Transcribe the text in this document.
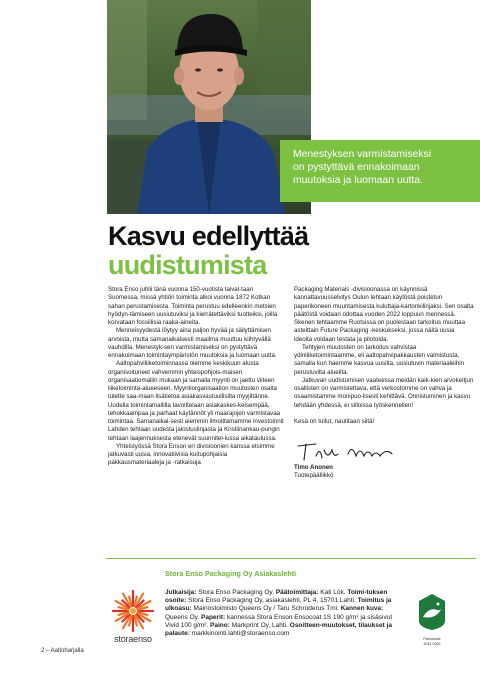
Menestyksen varmistamiseksi

on pystyttävä ennakoimaan

muutoksia ja luomaan uutta.

Kasvu edellyttää
uudistumista

Stora Enso juhlii tänä vuonna 150-vuotista taival-taan Suomessa, missä yhtiön toiminta alkoi vuonna 1872 Kotkan sahan perustamisesta. Toiminta perustuu edelleenkin metsien hyödyn-tämiseen uusiutuviksi ja kierrätettäviksi tuotteiksi, joilla korvataan fossiilisia raaka-aineita.

Menneisyydestä löytyy aina paljon hyvää ja säilyttämisen arvoista, mutta samanaikaisesti maailma muuttuu kiihtyvällä vauhdilla. Menestyk-sen varmistamiseksi on pystyttävä ennakoimaan toimintaympäristön muutoksia ja luomaan uutta.

Aaltopahviliiketoiminnassa olemme keskikuun alusta organisoituneet vahvemmin yhteispohjois-maisen organisaatiomallin mukaan ja samalla myynti on jaettu viiteen liiketoiminta-alueeseen. Myyntiorganisaation muutosten osalta tulette saa-maan lisätietoa asiakasvastuullisilta myyjiltänne. Uudella toimintamallilla tavoittelaan asiakaskes-keisempää, tehokkaampaa ja parhaat käytännöt yli maarajojen varmistavaa toimintaa. Samanaikai-sesti aiemmin ilmoittamamme investoinnit Lahden tehtaan uudesta jalostuslinjasta ja Kristiinankau-pungin tehtaan laajennuksesta etenevät suunnitel-lussa aikataulussa.

Yhteistyössä Stora Enson eri divisioonien kanssa etsimme jatkuvasti uusia, innovatiivisia kuitupohjaisia pakkausmateriaaleja ja -ratkaisuja.

Packaging Materials -divisioonassa on käynnissä kannattavuusselvitys Oulun tehtaan käytöstä poistetun paperikoneen muuntamisesta kuluttaja-kartonkilinjaksi. Sen osalta päätöstä voidaan odottaa vuoden 2022 loppuun mennessä. Skenen tehtaamme Ruotsissa on puolestaan tarkoitus muuttaa asteittain Future Packaging -keskukseksi, jossa näitä uusia ideoita voidaan testata ja pilotoida.

Tehtyjen muutosten on tarkoitus vahvistaa ydinliiketoimintaamme, eli aaltopahvipakkausten valmistusta, samalla kun haemme kasvua uusilta, uusiutuvin materiaaleihin perustuvilta alueilta.

Jatkuvan uudistumisen vaateessa meidän kaik-kien arvokeitjun osallisten on varmistettava, että verkostomme on vahva ja osaamistamme monipuo-lisesti kehittävä. Onnistuminen ja kasvu tehdään yhdessä, ei silloissa työskennellen!

Kesä on tullut, nautitaan siitä!

Timo Anonen

Tuotepäällikkö

Stora Enso Packaging Oy Asiakaslehti
storaenso
Julkaisija: Stora Enso Packaging Oy. Päätoimittaja: Kati Lök. Toimi-tuksen osoite: Stora Enso Packaging Oy, asiakaslehti, PL 4, 15701 Lahti. Toimitus ja ulkoasu: Mainostoimisto Queens Oy / Taru Schroderus Tmi. Kannen kuva: Queens Oy. Paperit: kannessa Stora Enson Ensocoat 1S 190 g/m² ja sisäsivut Vivid 100 g/m². Paino: Markprint Oy, Lahti. Osoitteen-muutokset, tilaukset ja palaute: markkinointi.lahti@storaenso.com
Painotuote
4041 0062
2 – Aaltoharjalla
